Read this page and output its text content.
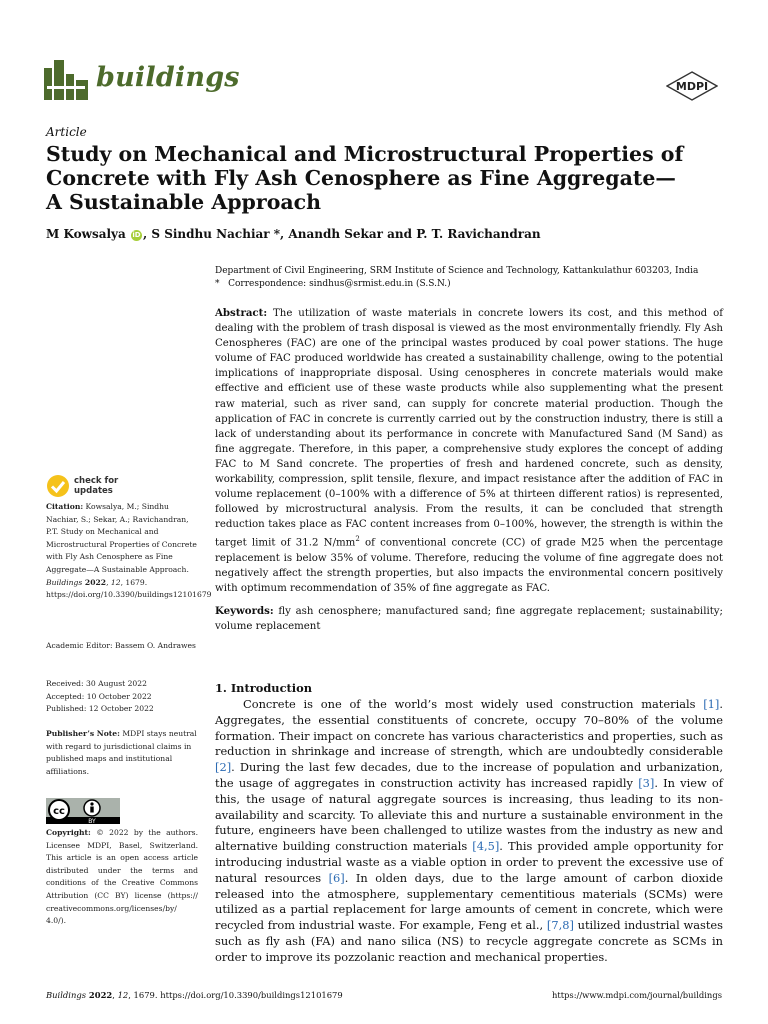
buildings	MDPI
Article
Study on Mechanical and Microstructural Properties of Concrete with Fly Ash Cenosphere as Fine Aggregate—A Sustainable Approach
M Kowsalya iD , S Sindhu Nachiar *, Anandh Sekar and P. T. Ravichandran
Department of Civil Engineering, SRM Institute of Science and Technology, Kattankulathur 603203, India
* Correspondence: sindhus@srmist.edu.in (S.S.N.)
Abstract: The utilization of waste materials in concrete lowers its cost, and this method of dealing with the problem of trash disposal is viewed as the most environmentally friendly. Fly Ash Cenospheres (FAC) are one of the principal wastes produced by coal power stations. The huge volume of FAC produced worldwide has created a sustainability challenge, owing to the potential implications of inappropriate disposal. Using cenospheres in concrete materials would make effective and efficient use of these waste products while also supplementing what the present raw material, such as river sand, can supply for concrete material production. Though the application of FAC in concrete is currently carried out by the construction industry, there is still a lack of understanding about its performance in concrete with Manufactured Sand (M Sand) as fine aggregate. Therefore, in this paper, a comprehensive study explores the concept of adding FAC to M Sand concrete. The properties of fresh and hardened concrete, such as density, workability, compression, split tensile, flexure, and impact resistance after the addition of FAC in volume replacement (0–100% with a difference of 5% at thirteen different ratios) is represented, followed by microstructural analysis. From the results, it can be concluded that strength reduction takes place as FAC content increases from 0–100%, however, the strength is within the target limit of 31.2 $N/mm^2$ of conventional concrete (CC) of grade M25 when the percentage replacement is below 35% of volume. Therefore, reducing the volume of fine aggregate does not negatively affect the strength properties, but also impacts the environmental concern positively with optimum recommendation of 35% of fine aggregate as FAC.
Keywords: fly ash cenosphere; manufactured sand; fine aggregate replacement; sustainability; volume replacement
check for
updates
Citation: Kowsalya, M.; Sindhu Nachiar, S.; Sekar, A.; Ravichandran, P.T. Study on Mechanical and Microstructural Properties of Concrete with Fly Ash Cenosphere as Fine Aggregate—A Sustainable Approach. Buildings 2022, 12, 1679. https://doi.org/10.3390/buildings12101679
Academic Editor: Bassem O. Andrawes
Received: 30 August 2022
Accepted: 10 October 2022
Published: 12 October 2022
Publisher’s Note: MDPI stays neutral with regard to jurisdictional claims in published maps and institutional affiliations.
cc
BY
Copyright: © 2022 by the authors. Licensee MDPI, Basel, Switzerland. This article is an open access article distributed under the terms and conditions of the Creative Commons Attribution (CC BY) license (https:// creativecommons.org/licenses/by/ 4.0/).
1. Introduction
Concrete is one of the world’s most widely used construction materials [1]. Aggregates, the essential constituents of concrete, occupy 70–80% of the volume formation. Their impact on concrete has various characteristics and properties, such as reduction in shrinkage and increase of strength, which are undoubtedly considerable [2]. During the last few decades, due to the increase of population and urbanization, the usage of aggregates in construction activity has increased rapidly [3]. In view of this, the usage of natural aggregate sources is increasing, thus leading to its non-availability and scarcity. To alleviate this and nurture a sustainable environment in the future, engineers have been challenged to utilize wastes from the industry as new and alternative building construction materials [4,5]. This provided ample opportunity for introducing industrial waste as a viable option in order to prevent the excessive use of natural resources [6]. In olden days, due to the large amount of carbon dioxide released into the atmosphere, supplementary cementitious materials (SCMs) were utilized as a partial replacement for large amounts of cement in concrete, which were recycled from industrial waste. For example, Feng et al., [7,8] utilized industrial wastes such as fly ash (FA) and nano silica (NS) to recycle aggregate concrete as SCMs in order to improve its pozzolanic reaction and mechanical properties.
Buildings 2022, 12, 1679. https://doi.org/10.3390/buildings12101679	https://www.mdpi.com/journal/buildings
